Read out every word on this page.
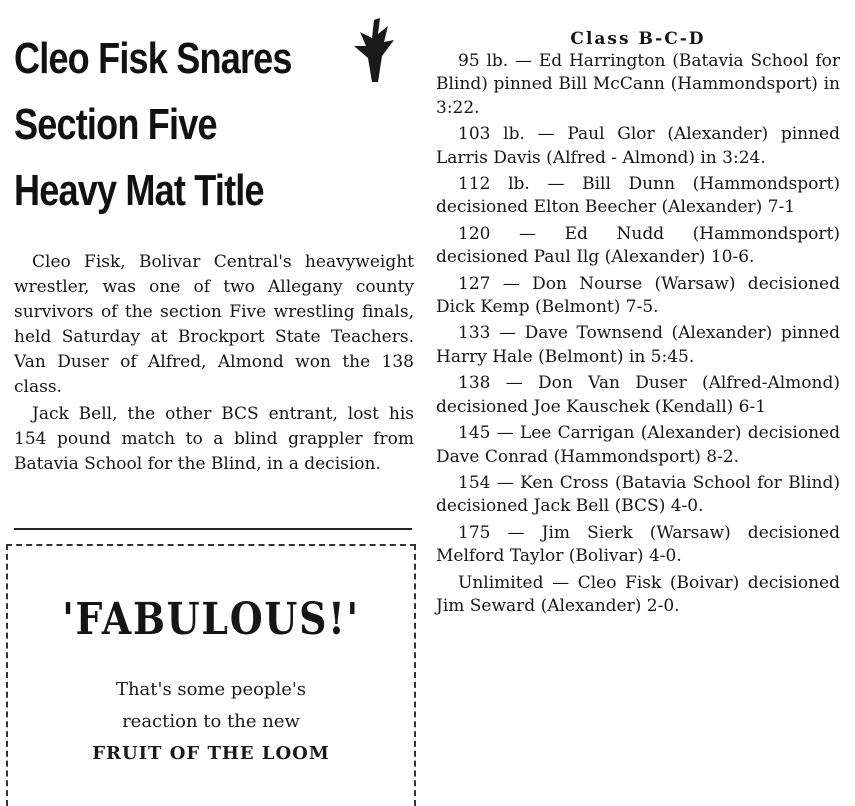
Cleo Fisk Snares
Section Five
Heavy Mat Title

Cleo Fisk, Bolivar Central's heavyweight wrestler, was one of two Allegany county survivors of the section Five wrestling finals, held Saturday at Brockport State Teachers. Van Duser of Alfred, Almond won the 138 class.

Jack Bell, the other BCS entrant, lost his 154 pound match to a blind grappler from Batavia School for the Blind, in a decision.

'FABULOUS!'
That's some people's
reaction to the new
FRUIT OF THE LOOM
Class B-C-D

95 lb. — Ed Harrington (Batavia School for Blind) pinned Bill McCann (Hammondsport) in 3:22.

103 lb. — Paul Glor (Alexander) pinned Larris Davis (Alfred - Almond) in 3:24.

112 lb. — Bill Dunn (Hammondsport) decisioned Elton Beecher (Alexander) 7-1

120 — Ed Nudd (Hammondsport) decisioned Paul Ilg (Alexander) 10-6.

127 — Don Nourse (Warsaw) decisioned Dick Kemp (Belmont) 7-5.

133 — Dave Townsend (Alexander) pinned Harry Hale (Belmont) in 5:45.

138 — Don Van Duser (Alfred-Almond) decisioned Joe Kauschek (Kendall) 6-1

145 — Lee Carrigan (Alexander) decisioned Dave Conrad (Hammondsport) 8-2.

154 — Ken Cross (Batavia School for Blind) decisioned Jack Bell (BCS) 4-0.

175 — Jim Sierk (Warsaw) decisioned Melford Taylor (Bolivar) 4-0.

Unlimited — Cleo Fisk (Boivar) decisioned Jim Seward (Alexander) 2-0.
